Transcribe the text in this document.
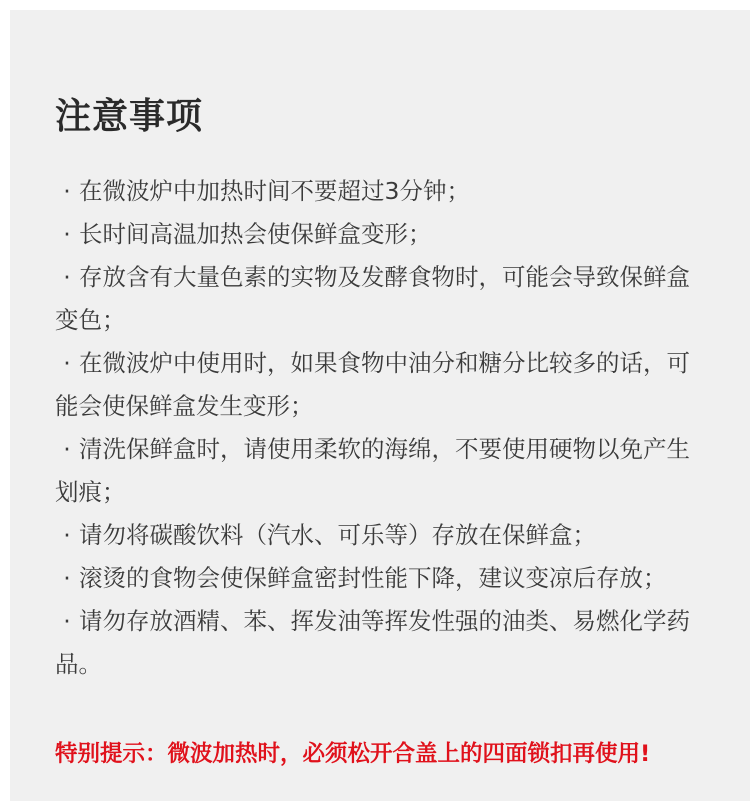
注意事项
· 在微波炉中加热时间不要超过3分钟；
· 长时间高温加热会使保鲜盒变形；
· 存放含有大量色素的实物及发酵食物时，可能会导致保鲜盒变色；
· 在微波炉中使用时，如果食物中油分和糖分比较多的话，可能会使保鲜盒发生变形；
· 清洗保鲜盒时，请使用柔软的海绵，不要使用硬物以免产生划痕；
· 请勿将碳酸饮料（汽水、可乐等）存放在保鲜盒；
· 滚烫的食物会使保鲜盒密封性能下降，建议变凉后存放；
· 请勿存放酒精、苯、挥发油等挥发性强的油类、易燃化学药品。

特别提示：微波加热时，必须松开合盖上的四面锁扣再使用!
